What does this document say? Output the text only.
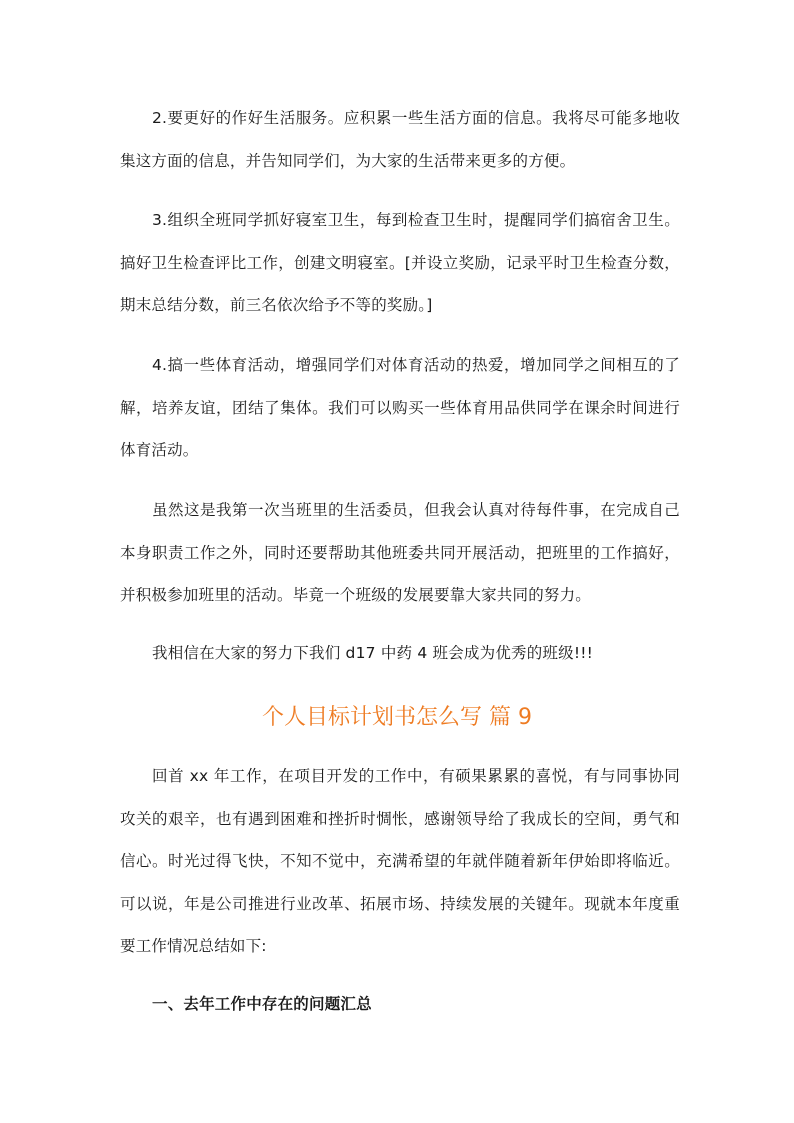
2.要更好的作好生活服务。应积累一些生活方面的信息。我将尽可能多地收集这方面的信息，并告知同学们，为大家的生活带来更多的方便。

3.组织全班同学抓好寝室卫生，每到检查卫生时，提醒同学们搞宿舍卫生。搞好卫生检查评比工作，创建文明寝室。[并设立奖励，记录平时卫生检查分数，期末总结分数，前三名依次给予不等的奖励。]

4.搞一些体育活动，增强同学们对体育活动的热爱，增加同学之间相互的了解，培养友谊，团结了集体。我们可以购买一些体育用品供同学在课余时间进行体育活动。

虽然这是我第一次当班里的生活委员，但我会认真对待每件事，在完成自己本身职责工作之外，同时还要帮助其他班委共同开展活动，把班里的工作搞好，并积极参加班里的活动。毕竟一个班级的发展要靠大家共同的努力。

我相信在大家的努力下我们 d17 中药 4 班会成为优秀的班级!!!

个人目标计划书怎么写 篇 9

回首 xx 年工作，在项目开发的工作中，有硕果累累的喜悦，有与同事协同攻关的艰辛，也有遇到困难和挫折时惆怅，感谢领导给了我成长的空间，勇气和信心。时光过得飞快，不知不觉中，充满希望的年就伴随着新年伊始即将临近。可以说，年是公司推进行业改革、拓展市场、持续发展的关键年。现就本年度重要工作情况总结如下:

一、去年工作中存在的问题汇总
